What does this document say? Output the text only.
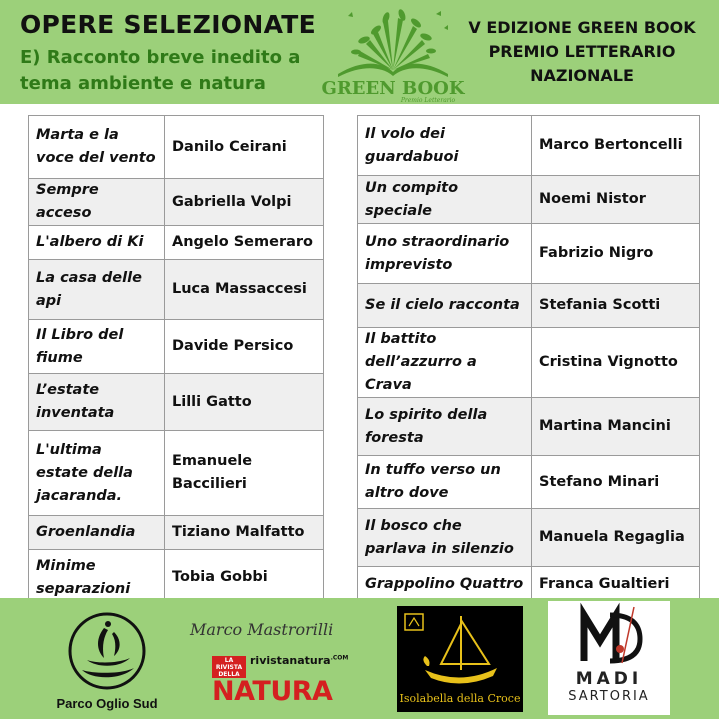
OPERE SELEZIONATE
E) Racconto breve inedito a tema ambiente e natura	GREEN BOOK
Premio Letterario
V EDIZIONE GREEN BOOK
PREMIO LETTERARIO
NAZIONALE
Marta e la voce del vento	Danilo Ceirani
Sempre acceso	Gabriella Volpi
L'albero di Ki	Angelo Semeraro
La casa delle api	Luca Massaccesi
Il Libro del fiume	Davide Persico
L’estate inventata	Lilli Gatto
L'ultima estate della jacaranda.	Emanuele Baccilieri
Groenlandia	Tiziano Malfatto
Minime separazioni	Tobia Gobbi
Il volo dei guardabuoi	Marco Bertoncelli
Un compito speciale	Noemi Nistor
Uno straordinario imprevisto	Fabrizio Nigro
Se il cielo racconta	Stefania Scotti
Il battito dell’azzurro a Crava	Cristina Vignotto
Lo spirito della foresta	Martina Mancini
In tuffo verso un altro dove	Stefano Minari
Il bosco che parlava in silenzio	Manuela Regaglia
Grappolino Quattro	Franca Gualtieri
Parco Oglio Sud
Marco Mastrorilli
LA RIVISTA DELLA
rivistanatura$^{.COM}$
NATURA	Isolabella della Croce
MADI
SARTORIA
